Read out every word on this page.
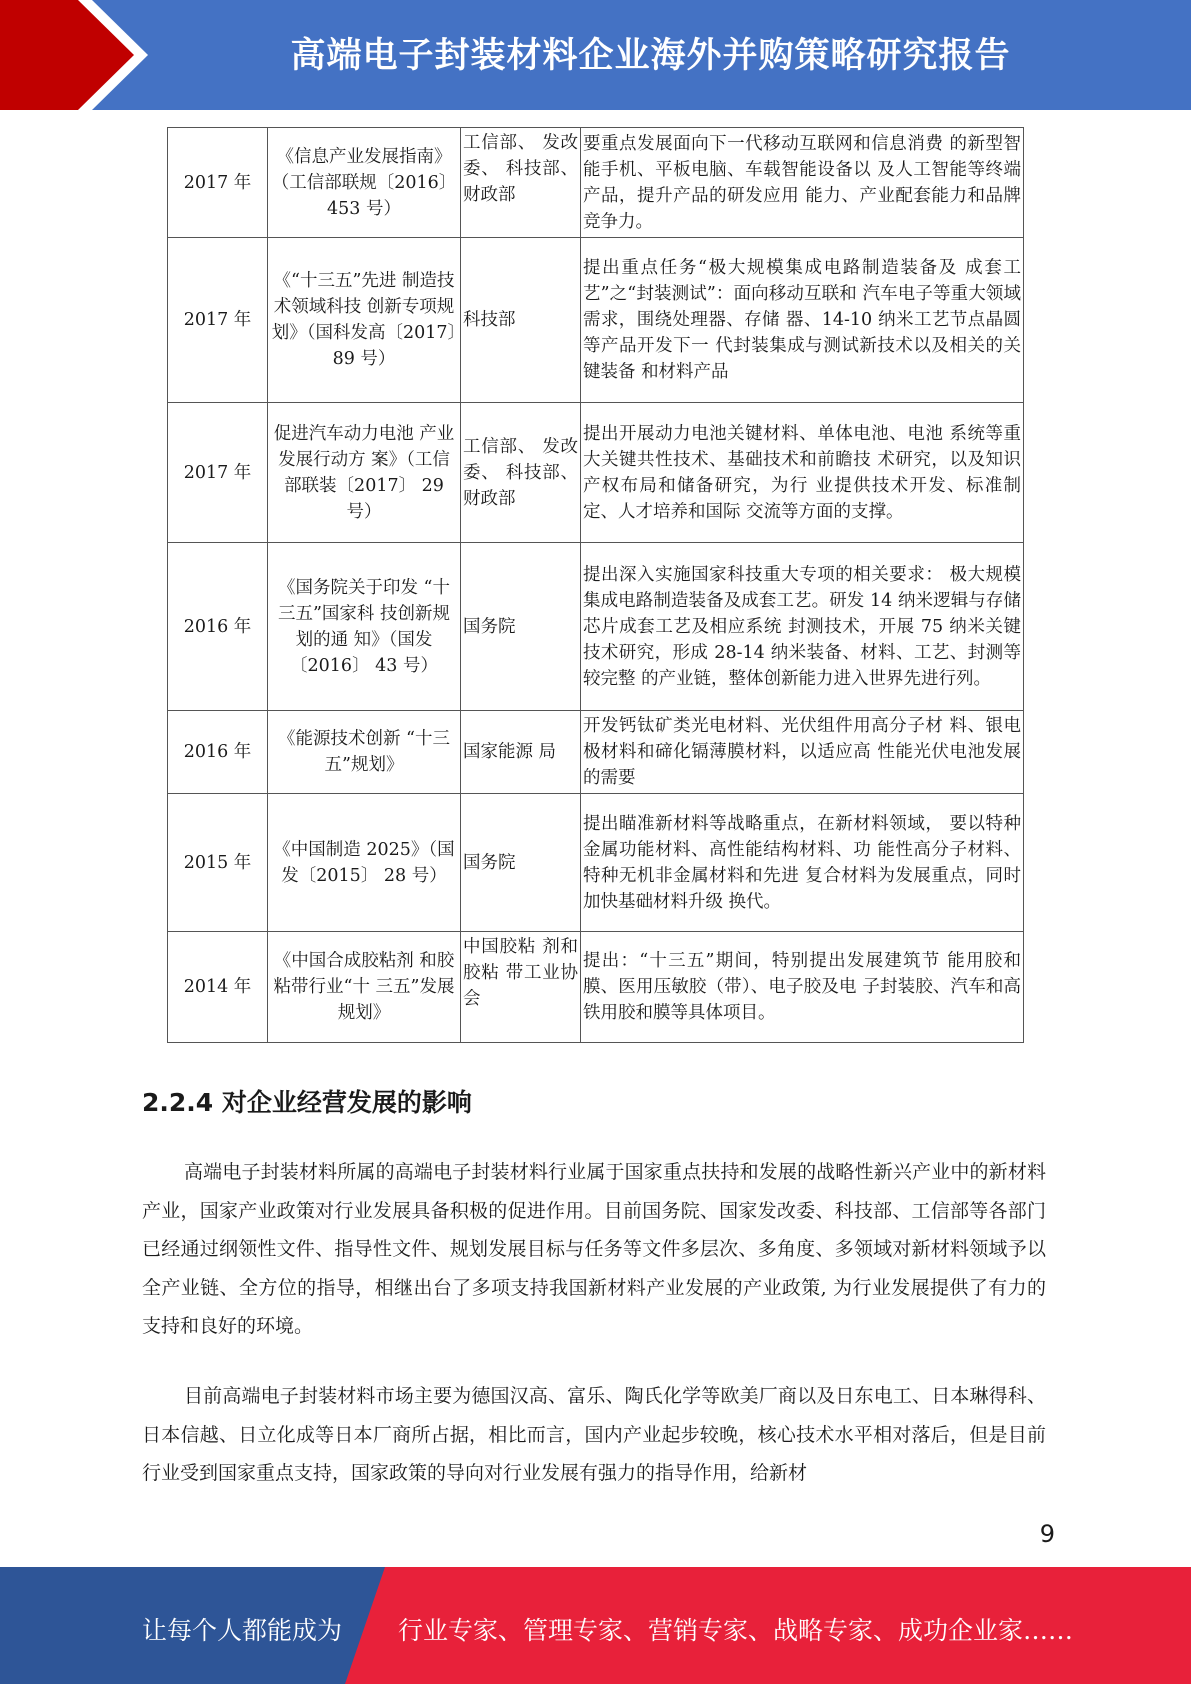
高端电子封装材料企业海外并购策略研究报告
2017 年	《信息产业发展指南》（工信部联规〔2016〕 453 号）	工信部、 发改委、 科技部、 财政部	要重点发展面向下一代移动互联网和信息消费 的新型智能手机、平板电脑、车载智能设备以 及人工智能等终端产品，提升产品的研发应用 能力、产业配套能力和品牌竞争力。
2017 年	《“十三五”先进 制造技术领域科技 创新专项规划》（国科发高〔2017〕89 号）	科技部	提出重点任务“极大规模集成电路制造装备及 成套工艺”之“封装测试”：面向移动互联和 汽车电子等重大领域需求，围绕处理器、存储 器、14-10 纳米工艺节点晶圆等产品开发下一 代封装集成与测试新技术以及相关的关键装备 和材料产品
2017 年	促进汽车动力电池 产业发展行动方 案》（工信部联装〔2017〕 29 号）	工信部、 发改委、 科技部、 财政部	提出开展动力电池关键材料、单体电池、电池 系统等重大关键共性技术、基础技术和前瞻技 术研究，以及知识产权布局和储备研究，为行 业提供技术开发、标准制定、人才培养和国际 交流等方面的支撑。
2016 年	《国务院关于印发 “十三五”国家科 技创新规划的通 知》（国发〔2016〕 43 号）	国务院	提出深入实施国家科技重大专项的相关要求： 极大规模集成电路制造装备及成套工艺。研发 14 纳米逻辑与存储芯片成套工艺及相应系统 封测技术，开展 75 纳米关键技术研究，形成 28-14 纳米装备、材料、工艺、封测等较完整 的产业链，整体创新能力进入世界先进行列。
2016 年	《能源技术创新 “十三五”规划》	国家能源 局	开发钙钛矿类光电材料、光伏组件用高分子材 料、银电极材料和碲化镉薄膜材料，以适应高 性能光伏电池发展的需要
2015 年	《中国制造 2025》（国发〔2015〕 28 号）	国务院	提出瞄准新材料等战略重点，在新材料领域， 要以特种金属功能材料、高性能结构材料、功 能性高分子材料、特种无机非金属材料和先进 复合材料为发展重点，同时加快基础材料升级 换代。
2014 年	《中国合成胶粘剂 和胶粘带行业“十 三五”发展规划》	中国胶粘 剂和胶粘 带工业协 会	提出：“十三五”期间，特别提出发展建筑节 能用胶和膜、医用压敏胶（带）、电子胶及电 子封装胶、汽车和高铁用胶和膜等具体项目。
2.2.4 对企业经营发展的影响

高端电子封装材料所属的高端电子封装材料行业属于国家重点扶持和发展的战略性新兴产业中的新材料产业，国家产业政策对行业发展具备积极的促进作用。目前国务院、国家发改委、科技部、工信部等各部门已经通过纲领性文件、指导性文件、规划发展目标与任务等文件多层次、多角度、多领域对新材料领域予以全产业链、全方位的指导，相继出台了多项支持我国新材料产业发展的产业政策, 为行业发展提供了有力的支持和良好的环境。

目前高端电子封装材料市场主要为德国汉高、富乐、陶氏化学等欧美厂商以及日东电工、日本琳得科、日本信越、日立化成等日本厂商所占据，相比而言，国内产业起步较晚，核心技术水平相对落后，但是目前行业受到国家重点支持，国家政策的导向对行业发展有强力的指导作用，给新材

9
让每个人都能成为 行业专家、管理专家、营销专家、战略专家、成功企业家……
